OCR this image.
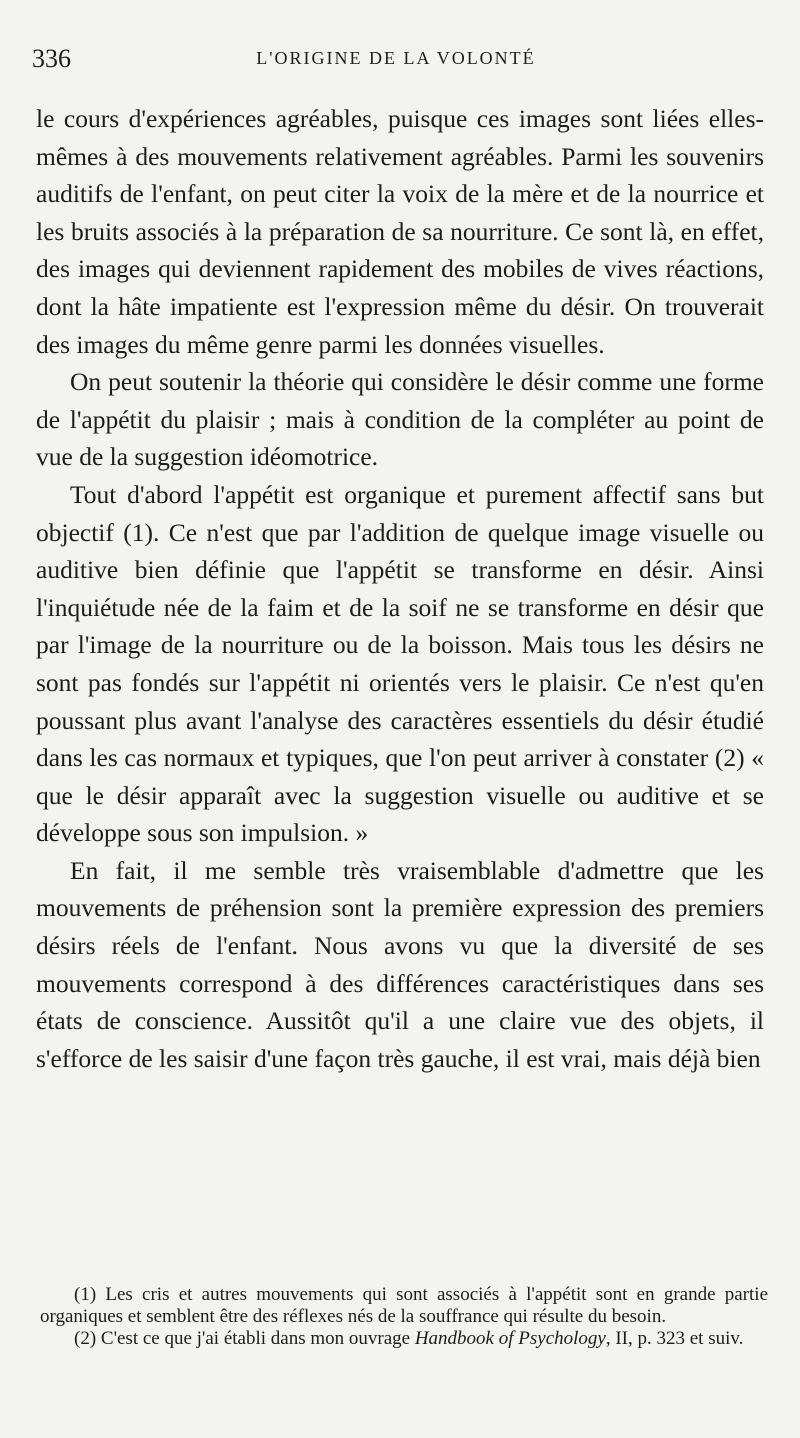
336	L'ORIGINE DE LA VOLONTÉ

le cours d'expériences agréables, puisque ces images sont liées elles-mêmes à des mouvements relativement agréables. Parmi les souvenirs auditifs de l'enfant, on peut citer la voix de la mère et de la nourrice et les bruits associés à la préparation de sa nourriture. Ce sont là, en effet, des images qui deviennent rapidement des mobiles de vives réactions, dont la hâte impatiente est l'expression même du désir. On trouverait des images du même genre parmi les données visuelles.

On peut soutenir la théorie qui considère le désir comme une forme de l'appétit du plaisir ; mais à condition de la compléter au point de vue de la suggestion idéomotrice.

Tout d'abord l'appétit est organique et purement affectif sans but objectif (1). Ce n'est que par l'addition de quelque image visuelle ou auditive bien définie que l'appétit se transforme en désir. Ainsi l'inquiétude née de la faim et de la soif ne se transforme en désir que par l'image de la nourriture ou de la boisson. Mais tous les désirs ne sont pas fondés sur l'appétit ni orientés vers le plaisir. Ce n'est qu'en poussant plus avant l'analyse des caractères essentiels du désir étudié dans les cas normaux et typiques, que l'on peut arriver à constater (2) « que le désir apparaît avec la suggestion visuelle ou auditive et se développe sous son impulsion. »

En fait, il me semble très vraisemblable d'admettre que les mouvements de préhension sont la première expression des premiers désirs réels de l'enfant. Nous avons vu que la diversité de ses mouvements correspond à des différences caractéristiques dans ses états de conscience. Aussitôt qu'il a une claire vue des objets, il s'efforce de les saisir d'une façon très gauche, il est vrai, mais déjà bien

(1) Les cris et autres mouvements qui sont associés à l'appétit sont en grande partie organiques et semblent être des réflexes nés de la souffrance qui résulte du besoin.

(2) C'est ce que j'ai établi dans mon ouvrage Handbook of Psychology, II, p. 323 et suiv.
